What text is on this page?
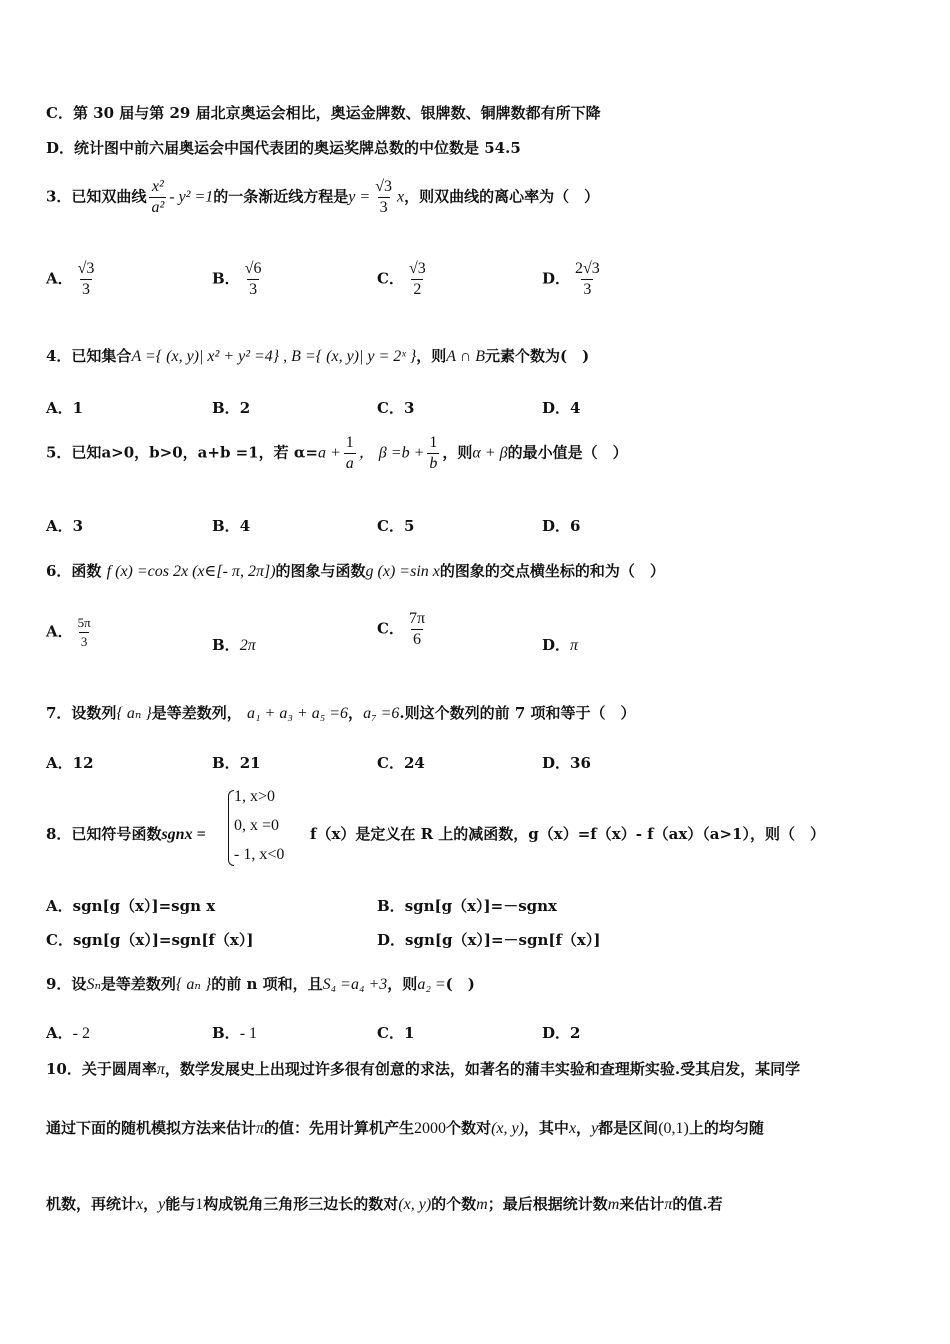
C．第 30 届与第 29 届北京奥运会相比，奥运金牌数、银牌数、铜牌数都有所下降
D．统计图中前六届奥运会中国代表团的奥运奖牌总数的中位数是 54.5
3．已知双曲线 $\frac{\text{x²}}{\text{a²}} - y^2 =1$的一条渐近线方程是$y = \frac{√3}{3}$ x，则双曲线的离心率为（　）
A． $\frac{√3}{3}$	B． $\frac{√6}{3}$	C． $\frac{√3}{2}$	D． $\frac{2√3}{3}$
4．已知集合A ={ (x, y)| x² + y² =4} , B ={ (x, y)| y = 2ˣ }，则A ∩ B元素个数为(　)
A．1	B．2	C．3	D．4
5．已知a>0，b>0，a+b =1，若 $\alpha=a + \frac{1}{a}$ ， $\beta =b + \frac{1}{b}$ ，则α + β的最小值是（　）
A．3	B．4	C．5	D．6
6．函数 f (x) =cos 2x (x∈[- π, 2π])的图象与函数g (x) =sin x的图象的交点横坐标的和为（　）
A． $\frac{5\pi}{3}$	B．2π
C． $\frac{7\pi}{6}$	D．π
7．设数列{ aₙ }是等差数列， a₁ + a₃ + a₅ =6，a₇ =6.则这个数列的前 7 项和等于（　）
A．12	B．21	C．24	D．36
8．已知符号函数sgnx =
1, x>0
0, x =0
- 1, x<0
f（x）是定义在 R 上的减函数，g（x）=f（x）- f（ax）（a>1），则（　）
A．sgn[g（x）]=sgn x	B．sgn[g（x）]=－sgnx
C．sgn[g（x）]=sgn[f（x）]	D．sgn[g（x）]=－sgn[f（x）]
9．设Sₙ是等差数列{ aₙ }的前 n 项和，且S₄ =a₄ +3，则a₂ =(　)
A．- 2	B．- 1	C．1	D．2
10．关于圆周率π，数学发展史上出现过许多很有创意的求法，如著名的蒲丰实验和查理斯实验.受其启发，某同学
通过下面的随机模拟方法来估计π的值：先用计算机产生2000个数对(x, y)，其中x，y都是区间(0,1)上的均匀随
机数，再统计x，y能与1构成锐角三角形三边长的数对(x, y)的个数m；最后根据统计数m来估计π的值.若
